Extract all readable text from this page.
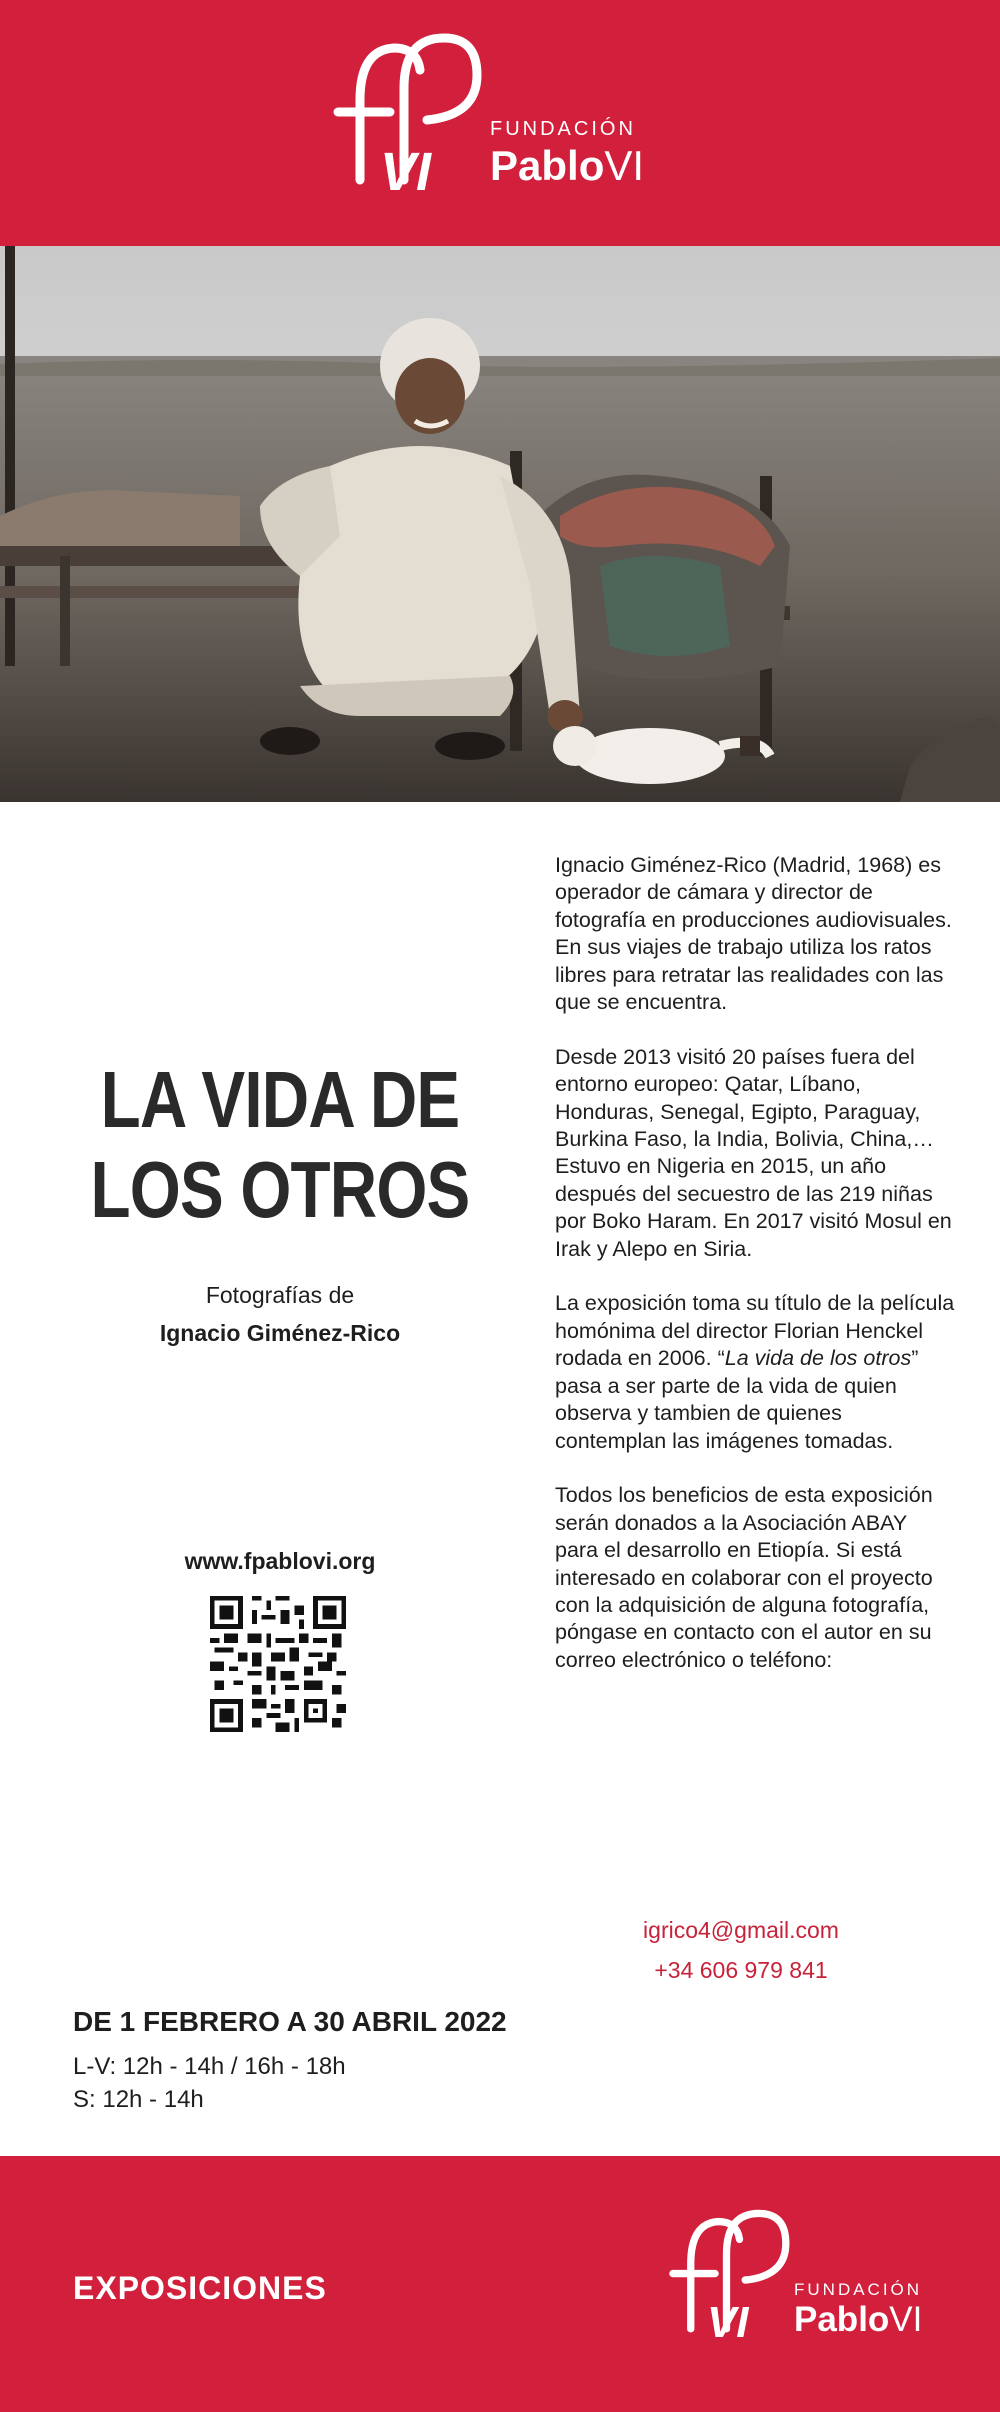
VI
FUNDACIÓN
PabloVI
LA VIDA DE
LOS OTROS
Fotografías de
Ignacio Giménez-Rico
www.fpablovi.org

Ignacio Giménez-Rico (Madrid, 1968) es operador de cámara y director de fotografía en producciones audiovisuales. En sus viajes de trabajo utiliza los ratos libres para retratar las realidades con las que se encuentra.

Desde 2013 visitó 20 países fuera del entorno europeo: Qatar, Líbano, Honduras, Senegal, Egipto, Paraguay, Burkina Faso, la India, Bolivia, China,… Estuvo en Nigeria en 2015, un año después del secuestro de las 219 niñas por Boko Haram. En 2017 visitó Mosul en Irak y Alepo en Siria.

La exposición toma su título de la película homónima del director Florian Henckel rodada en 2006. “La vida de los otros” pasa a ser parte de la vida de quien observa y tambien de quienes contemplan las imágenes tomadas.

Todos los beneficios de esta exposición serán donados a la Asociación ABAY para el desarrollo en Etiopía. Si está interesado en colaborar con el proyecto con la adquisición de alguna fotografía, póngase en contacto con el autor en su correo electrónico o teléfono:

igrico4@gmail.com
+34 606 979 841
DE 1 FEBRERO A 30 ABRIL 2022
L-V: 12h - 14h / 16h - 18h
S: 12h - 14h
EXPOSICIONES
VI
FUNDACIÓN
PabloVI
